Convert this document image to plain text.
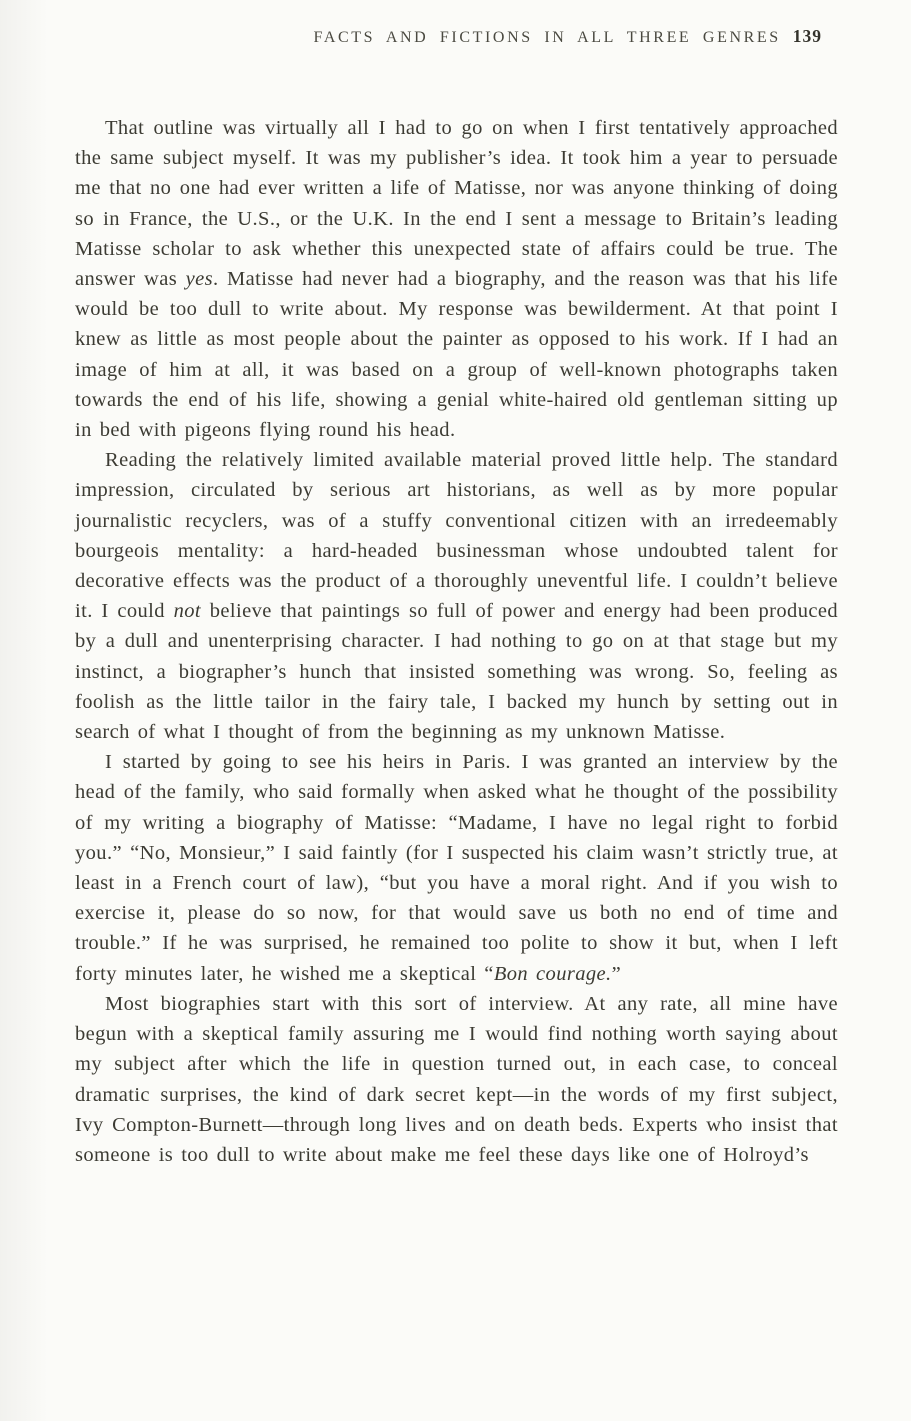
FACTS AND FICTIONS IN ALL THREE GENRES 139

That outline was virtually all I had to go on when I first tentatively approached the same subject myself. It was my publisher’s idea. It took him a year to persuade me that no one had ever written a life of Matisse, nor was anyone thinking of doing so in France, the U.S., or the U.K. In the end I sent a message to Britain’s leading Matisse scholar to ask whether this unexpected state of affairs could be true. The answer was yes. Matisse had never had a biography, and the reason was that his life would be too dull to write about. My response was bewilderment. At that point I knew as little as most people about the painter as opposed to his work. If I had an image of him at all, it was based on a group of well-known photographs taken towards the end of his life, showing a genial white-haired old gentleman sitting up in bed with pigeons flying round his head.

Reading the relatively limited available material proved little help. The standard impression, circulated by serious art historians, as well as by more popular journalistic recyclers, was of a stuffy conventional citizen with an irredeemably bourgeois mentality: a hard-headed businessman whose undoubted talent for decorative effects was the product of a thoroughly uneventful life. I couldn’t believe it. I could not believe that paintings so full of power and energy had been produced by a dull and unenterprising character. I had nothing to go on at that stage but my instinct, a biographer’s hunch that insisted something was wrong. So, feeling as foolish as the little tailor in the fairy tale, I backed my hunch by setting out in search of what I thought of from the beginning as my unknown Matisse.

I started by going to see his heirs in Paris. I was granted an interview by the head of the family, who said formally when asked what he thought of the possibility of my writing a biography of Matisse: “Madame, I have no legal right to forbid you.” “No, Monsieur,” I said faintly (for I suspected his claim wasn’t strictly true, at least in a French court of law), “but you have a moral right. And if you wish to exercise it, please do so now, for that would save us both no end of time and trouble.” If he was surprised, he remained too polite to show it but, when I left forty minutes later, he wished me a skeptical “Bon courage.”

Most biographies start with this sort of interview. At any rate, all mine have begun with a skeptical family assuring me I would find nothing worth saying about my subject after which the life in question turned out, in each case, to conceal dramatic surprises, the kind of dark secret kept—in the words of my first subject, Ivy Compton-Burnett—through long lives and on death beds. Experts who insist that someone is too dull to write about make me feel these days like one of Holroyd’s
